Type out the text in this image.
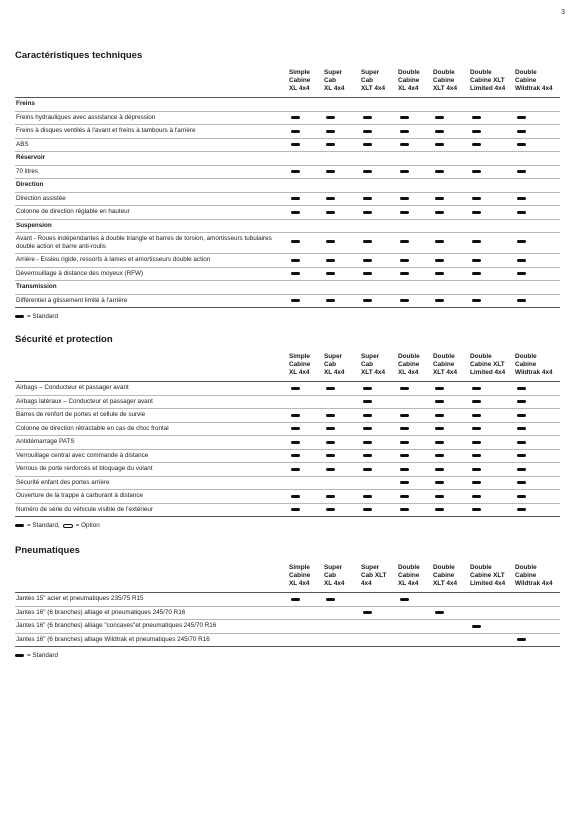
3

Caractéristiques techniques

Simple
Cabine
XL 4x4
Super
Cab
XL 4x4
Super
Cab
XLT 4x4
Double
Cabine
XL 4x4
Double
Cabine
XLT 4x4
Double
Cabine XLT
Limited 4x4
Double
Cabine
Wildtrak 4x4
Freins
Freins hydrauliques avec assistance à dépression
Freins à disques ventilés à l'avant et freins à tambours à l'arrière
ABS
Réservoir
70 litres
Direction
Direction assistée
Colonne de direction réglable en hauteur
Suspension
Avant - Roues indépendantes à double triangle et barres de torsion, amortisseurs tubulaires double action et barre anti-roulis
Arrière - Essieu rigide, ressorts à lames et amortisseurs double action
Déverrouillage à distance des moyeux (RFW)
Transmission
Différentiel à glissement limité à l'arrière
= Standard

Sécurité et protection

Simple
Cabine
XL 4x4
Super
Cab
XL 4x4
Super
Cab
XLT 4x4
Double
Cabine
XL 4x4
Double
Cabine
XLT 4x4
Double
Cabine XLT
Limited 4x4
Double
Cabine
Wildtrak 4x4
Airbags – Conducteur et passager avant
Airbags latéraux – Conducteur et passager avant
Barres de renfort de portes et cellule de survie
Colonne de direction rétractable en cas de choc frontal
Antidémarrage PATS
Verrouillage central avec commande à distance
Verrous de porte renforcés et bloquage du volant
Sécurité enfant des portes arrière
Ouverture de la trappe à carburant à distance
Numéro de série du véhicule visible de l'extérieur
= Standard,	= Option

Pneumatiques

Simple
Cabine
XL 4x4
Super
Cab
XL 4x4
Super
Cab XLT
4x4
Double
Cabine
XL 4x4
Double
Cabine
XLT 4x4
Double
Cabine XLT
Limited 4x4
Double
Cabine
Wildtrak 4x4
Jantes 15" acier et pneumatiques 235/75 R15
Jantes 16" (6 branches) alliage et pneumatiques 245/70 R16
Jantes 16" (6 branches) alliage "concaves"et pneumatiques 245/70 R16
Jantes 16" (6 branches) alliage Wildtrak et pneumatiques 245/70 R16
= Standard
